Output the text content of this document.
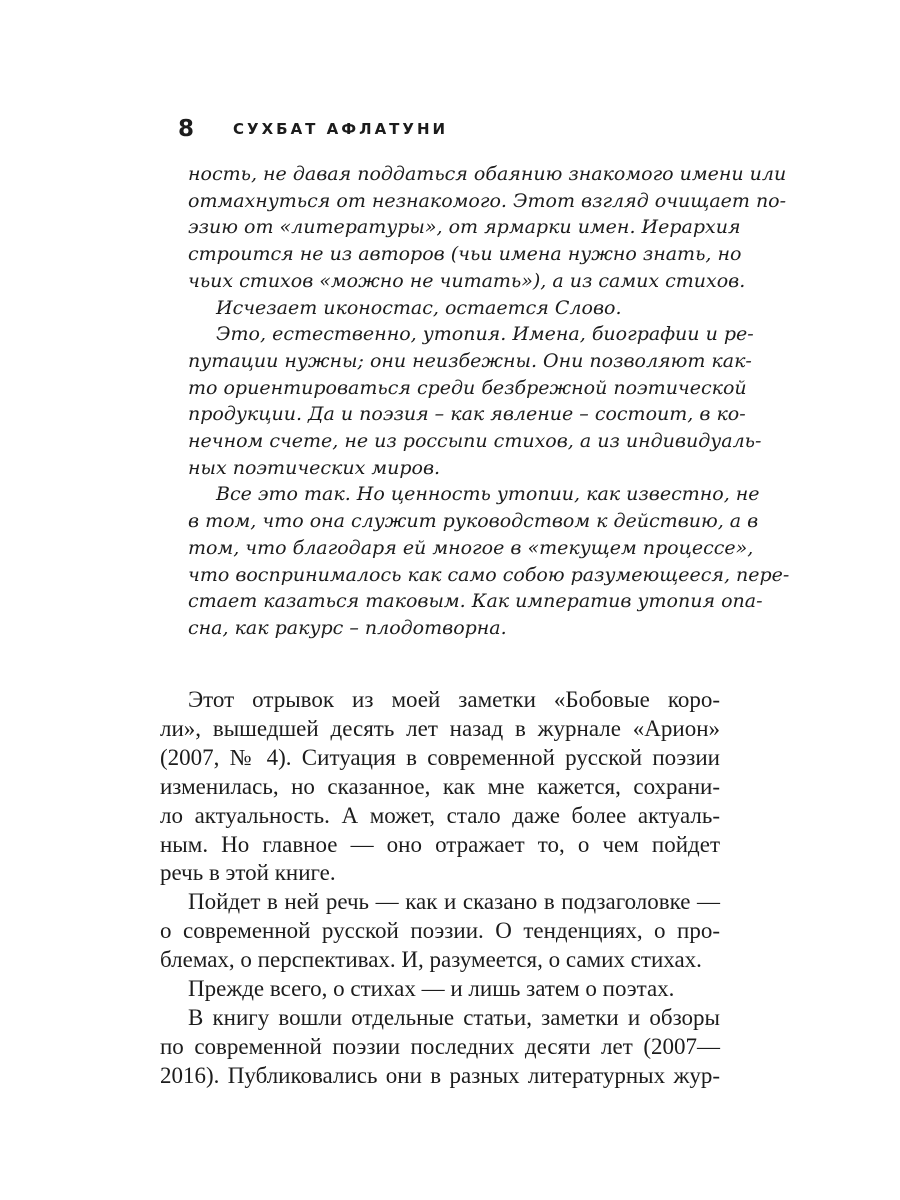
8	СУХБАТ АФЛАТУНИ

ность, не давая поддаться обаянию знакомого имени или
отмахнуться от незнакомого. Этот взгляд очищает по-
эзию от «литературы», от ярмарки имен. Иерархия
строится не из авторов (чьи имена нужно знать, но
чьих стихов «можно не читать»), а из самих стихов.

Исчезает иконостас, остается Слово.

Это, естественно, утопия. Имена, биографии и ре-
путации нужны; они неизбежны. Они позволяют как-
то ориентироваться среди безбрежной поэтической
продукции. Да и поэзия – как явление – состоит, в ко-
нечном счете, не из россыпи стихов, а из индивидуаль-
ных поэтических миров.

Все это так. Но ценность утопии, как известно, не
в том, что она служит руководством к действию, а в
том, что благодаря ей многое в «текущем процессе»,
что воспринималось как само собою разумеющееся, пере-
стает казаться таковым. Как императив утопия опа-
сна, как ракурс – плодотворна.

Этот отрывок из моей заметки «Бобовые коро-
ли», вышедшей десять лет назад в журнале «Арион»
(2007, № 4). Ситуация в современной русской поэзии
изменилась, но сказанное, как мне кажется, сохрани-
ло актуальность. А может, стало даже более актуаль-
ным. Но главное — оно отражает то, о чем пойдет
речь в этой книге.

Пойдет в ней речь — как и сказано в подзаголовке —
о современной русской поэзии. О тенденциях, о про-
блемах, о перспективах. И, разумеется, о самих стихах.

Прежде всего, о стихах — и лишь затем о поэтах.

В книгу вошли отдельные статьи, заметки и обзоры
по современной поэзии последних десяти лет (2007—
2016). Публиковались они в разных литературных жур-
